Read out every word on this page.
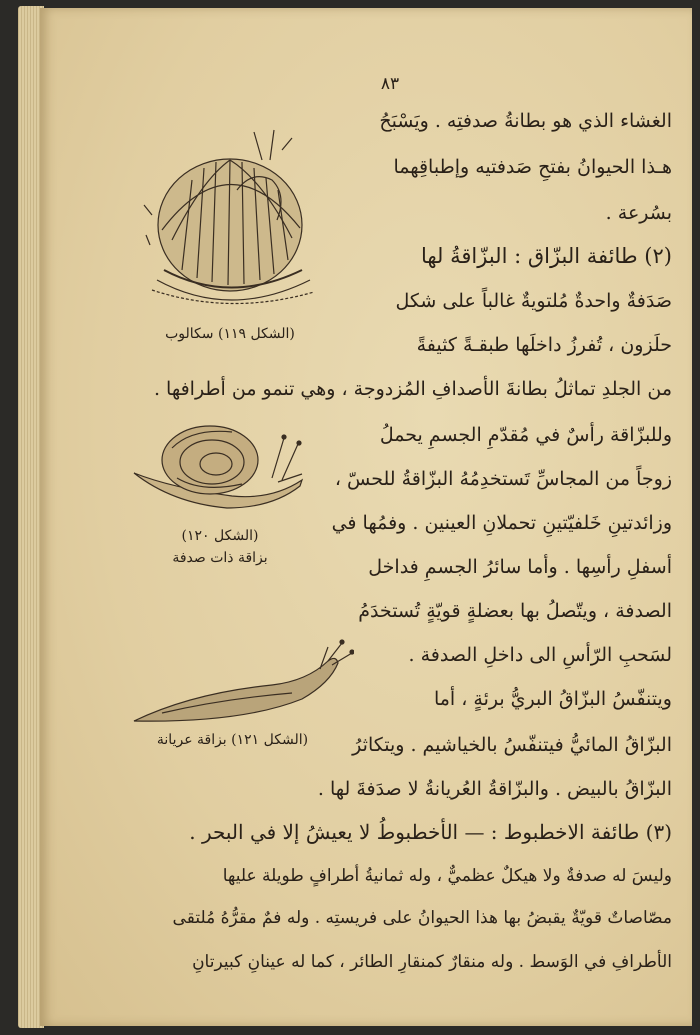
٨٣
(الشكل ١١٩) سكالوب
(الشكل ١٢٠)
بزاقة ذات صدفة
(الشكل ١٢١) بزاقة عريانة
الغشاء الذي هو بطانةُ صدفتِه . ويَسْبَحُ
هـذا الحيوانُ بفتحِ صَدفتيه وإطباقِهما
بسُرعة .
(٢) طائفة البزّاق : البزّاقةُ لها
صَدَفةٌ واحدةٌ مُلتويةٌ غالباً على شكل
حلَزون ، تُفرزُ داخلَها طبقـةً كثيفةً
من الجلدِ تماثلُ بطانةَ الأصدافِ المُزدوجة ، وهي تنمو من أطرافها .
وللبزّاقة رأسٌ في مُقدّمِ الجسمِ يحملُ
زوجاً من المجاسِّ تَستخدِمُهُ البزّاقةُ للحسّ ،
وزائدتينِ خَلفيّتينِ تحملانِ العينين . وفمُها في
أسفلِ رأسِها . وأما سائرُ الجسمِ فداخل
الصدفة ، ويتّصلُ بها بعضلةٍ قويّةٍ تُستخدَمُ
لسَحبِ الرّأسِ الى داخلِ الصدفة .
ويتنفّسُ البزّاقُ البريُّ برئةٍ ، أما
البزّاقُ المائيُّ فيتنفّسُ بالخياشيم . ويتكاثرُ
البزّاقُ بالبيض . والبزّاقةُ العُريانةُ لا صدَفةَ لها .
(٣) طائفة الاخطبوط : — الأخطبوطُ لا يعيشُ إلا في البحر .
وليسَ له صدفةٌ ولا هيكلٌ عظميٌّ ، وله ثمانيةُ أطرافٍ طويلة عليها
مصّاصاتٌ قويّةٌ يقبضُ بها هذا الحيوانُ على فريستِه . وله فمٌ مقرُّهُ مُلتقى
الأطرافِ في الوَسط . وله منقارٌ كمنقارِ الطائر ، كما له عينانِ كبيرتانِ
